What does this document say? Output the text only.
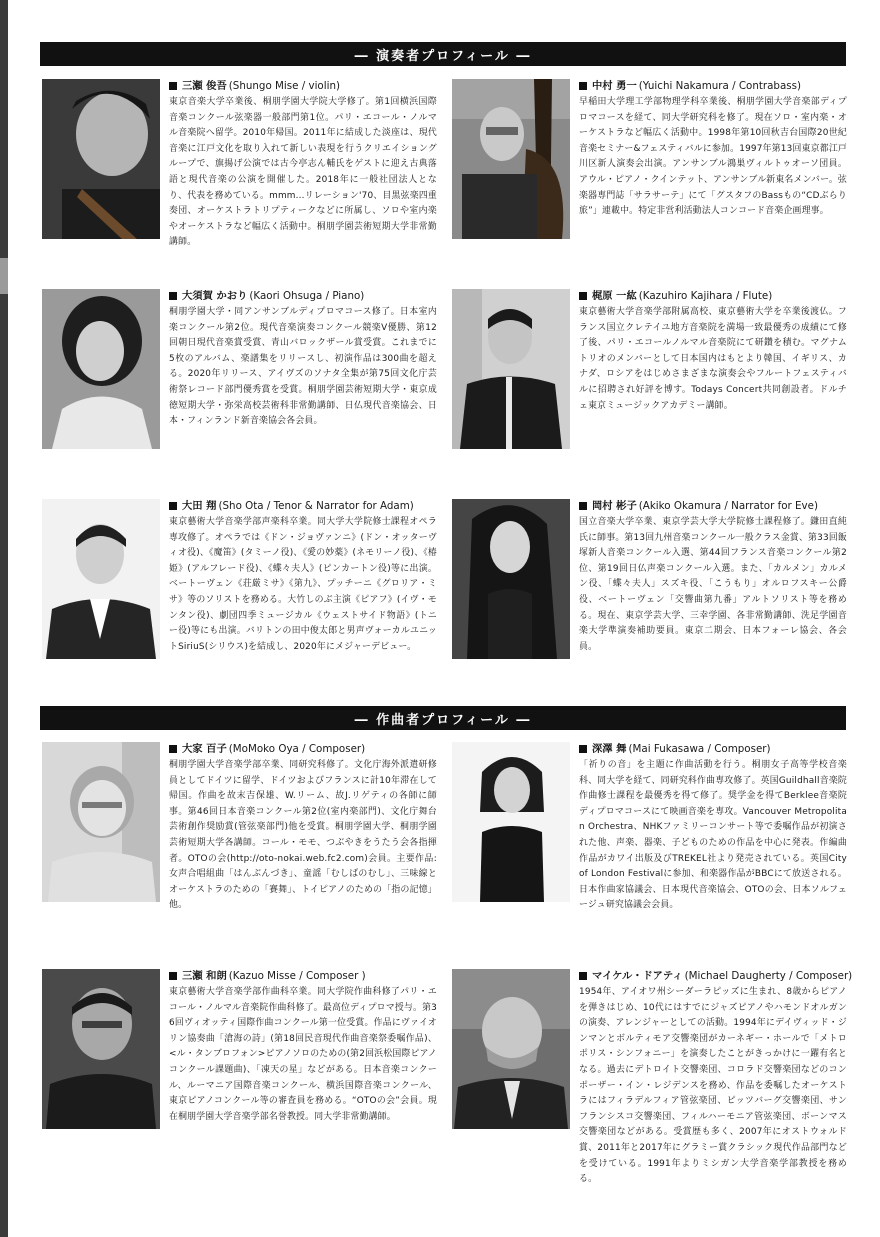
― 演奏者プロフィール ―
三瀬 俊吾 (Shungo Mise / violin)

東京音楽大学卒業後、桐朋学園大学院大学修了。第1回横浜国際音楽コンクール弦楽器一般部門第1位。パリ・エコール・ノルマル音楽院へ留学。2010年帰国。2011年に結成した淡座は、現代音楽に江戸文化を取り入れて新しい表現を行うクリエイショングループで、旗揚げ公演では古今亭志ん輔氏をゲストに迎え古典落語と現代音楽の公演を開催した。2018年に一般社団法人となり、代表を務めている。mmm...リレーション'70、目黒弦楽四重奏団、オーケストラトリプティークなどに所属し、ソロや室内楽やオーケストラなど幅広く活動中。桐朋学園芸術短期大学非常勤講師。

中村 勇一 (Yuichi Nakamura / Contrabass)

早稲田大学理工学部物理学科卒業後、桐朋学園大学音楽部ディプロマコースを経て、同大学研究科を修了。現在ソロ・室内楽・オーケストラなど幅広く活動中。1998年第10回秋吉台国際20世紀音楽セミナー&フェスティバルに参加。1997年第13回東京都江戸川区新人演奏会出演。アンサンブル鴻巣ヴィルトゥオーソ団員。アウル・ピアノ・クインテット、アンサンブル新東名メンバー。弦楽器専門誌「サラサーテ」にて「グスタフのBassもの“CDぶらり旅”」連載中。特定非営利活動法人コンコード音楽企画理事。

大須賀 かおり (Kaori Ohsuga / Piano)

桐朋学園大学・同アンサンブルディプロマコース修了。日本室内楽コンクール第2位。現代音楽演奏コンクール競楽V優勝、第12回朝日現代音楽賞受賞、青山バロックザール賞受賞。これまでに5枚のアルバム、楽譜集をリリースし、初演作品は300曲を超える。2020年リリース、アイヴズのソナタ全集が第75回文化庁芸術祭レコード部門優秀賞を受賞。桐朋学園芸術短期大学・東京成徳短期大学・弥栄高校芸術科非常勤講師、日仏現代音楽協会、日本・フィンランド新音楽協会各会員。

梶原 一紘 (Kazuhiro Kajihara / Flute)

東京藝術大学音楽学部附属高校、東京藝術大学を卒業後渡仏。フランス国立クレテイユ地方音楽院を満場一致最優秀の成績にて修了後、パリ・エコールノルマル音楽院にて研鑽を積む。マグナムトリオのメンバーとして日本国内はもとより韓国、イギリス、カナダ、ロシアをはじめさまざまな演奏会やフルートフェスティバルに招聘され好評を博す。Todays Concert共同創設者。ドルチェ東京ミュージックアカデミー講師。

大田 翔 (Sho Ota / Tenor & Narrator for Adam)

東京藝術大学音楽学部声楽科卒業。同大学大学院修士課程オペラ専攻修了。オペラでは《ドン・ジョヴァンニ》(ドン・オッターヴィオ役)、《魔笛》(タミーノ役)、《愛の妙薬》(ネモリーノ役)、《椿姫》(アルフレード役)、《蝶々夫人》(ピンカートン役)等に出演。ベートーヴェン《荘厳ミサ》《第九》、プッチーニ《グロリア・ミサ》等のソリストを務める。大竹しのぶ主演《ピアフ》(イヴ・モンタン役)、劇団四季ミュージカル《ウェストサイド物語》(トニー役)等にも出演。バリトンの田中俊太郎と男声ヴォーカルユニットSiriuS(シリウス)を結成し、2020年にメジャーデビュー。

岡村 彬子 (Akiko Okamura / Narrator for Eve)

国立音楽大学卒業、東京学芸大学大学院修士課程修了。鎌田直純氏に師事。第13回九州音楽コンクール一般クラス金賞、第33回飯塚新人音楽コンクール入選、第44回フランス音楽コンクール第2位、第19回日仏声楽コンクール入選。また、「カルメン」カルメン役、「蝶々夫人」スズキ役、「こうもり」オルロフスキー公爵役、ベートーヴェン「交響曲第九番」アルトソリスト等を務める。現在、東京学芸大学、三幸学園、各非常勤講師、洗足学園音楽大学準演奏補助要員。東京二期会、日本フォーレ協会、各会員。

― 作曲者プロフィール ―
大家 百子 (MoMoko Oya / Composer)

桐朋学園大学音楽学部卒業、同研究科修了。文化庁海外派遣研修員としてドイツに留学、ドイツおよびフランスに計10年滞在して帰国。作曲を故末吉保雄、W.リーム、故J.リゲティの各師に師事。第46回日本音楽コンクール第2位(室内楽部門)、文化庁舞台芸術創作奨励賞(管弦楽部門)他を受賞。桐朋学園大学、桐朋学園芸術短期大学各講師。コール・モモ、つぶやきをうたう会各指揮者。OTOの会(http://oto-nokai.web.fc2.com)会員。主要作品:女声合唱組曲「はんぶんづき」、童謡「むしばのむし」、三味線とオーケストラのための「賽舞」、トイピアノのための「指の記憶」他。

深澤 舞 (Mai Fukasawa / Composer)

「祈りの音」を主題に作曲活動を行う。桐朋女子高等学校音楽科、同大学を経て、同研究科作曲専攻修了。英国Guildhall音楽院作曲修士課程を最優秀を得て修了。奨学金を得てBerklee音楽院ディプロマコースにて映画音楽を専攻。Vancouver Metropolitan Orchestra、NHKファミリーコンサート等で委嘱作品が初演された他、声楽、器楽、子どものための作品を中心に発表。作編曲作品がカワイ出版及びTREKEL社より発売されている。英国City of London Festivalに参加、和楽器作品がBBCにて放送される。日本作曲家協議会、日本現代音楽協会、OTOの会、日本ソルフェージュ研究協議会会員。

三瀬 和朗 (Kazuo Misse / Composer )

東京藝術大学音楽学部作曲科卒業。同大学院作曲科修了パリ・エコール・ノルマル音楽院作曲科修了。最高位ディプロマ授与。第36回ヴィオッティ国際作曲コンクール第一位受賞。作品にヴァイオリン協奏曲「滄海の詩」(第18回民音現代作曲音楽祭委嘱作品)、<ル・タンブロフォン>ピアノソロのための(第2回浜松国際ピアノコンクール課題曲)、「凍天の星」などがある。日本音楽コンクール、ルーマニア国際音楽コンクール、横浜国際音楽コンクール、東京ピアノコンクール等の審査員を務める。“OTOの会”会員。現在桐朋学園大学音楽学部名誉教授。同大学非常勤講師。

マイケル・ドアティ (Michael Daugherty / Composer)

1954年、アイオワ州シーダーラピッズに生まれ、8歳からピアノを弾きはじめ、10代にはすでにジャズピアノやハモンドオルガンの演奏、アレンジャーとしての活動。1994年にデイヴィッド・ジンマンとボルティモア交響楽団がカーネギー・ホールで「メトロポリス・シンフォニー」を演奏したことがきっかけに一躍有名となる。過去にデトロイト交響楽団、コロラド交響楽団などのコンポーザー・イン・レジデンスを務め、作品を委嘱したオーケストラにはフィラデルフィア管弦楽団、ピッツバーグ交響楽団、サンフランシスコ交響楽団、フィルハーモニア管弦楽団、ボーンマス交響楽団などがある。受賞歴も多く、2007年にオストウォルド賞、2011年と2017年にグラミー賞クラシック現代作品部門などを受けている。1991年よりミシガン大学音楽学部教授を務める。
